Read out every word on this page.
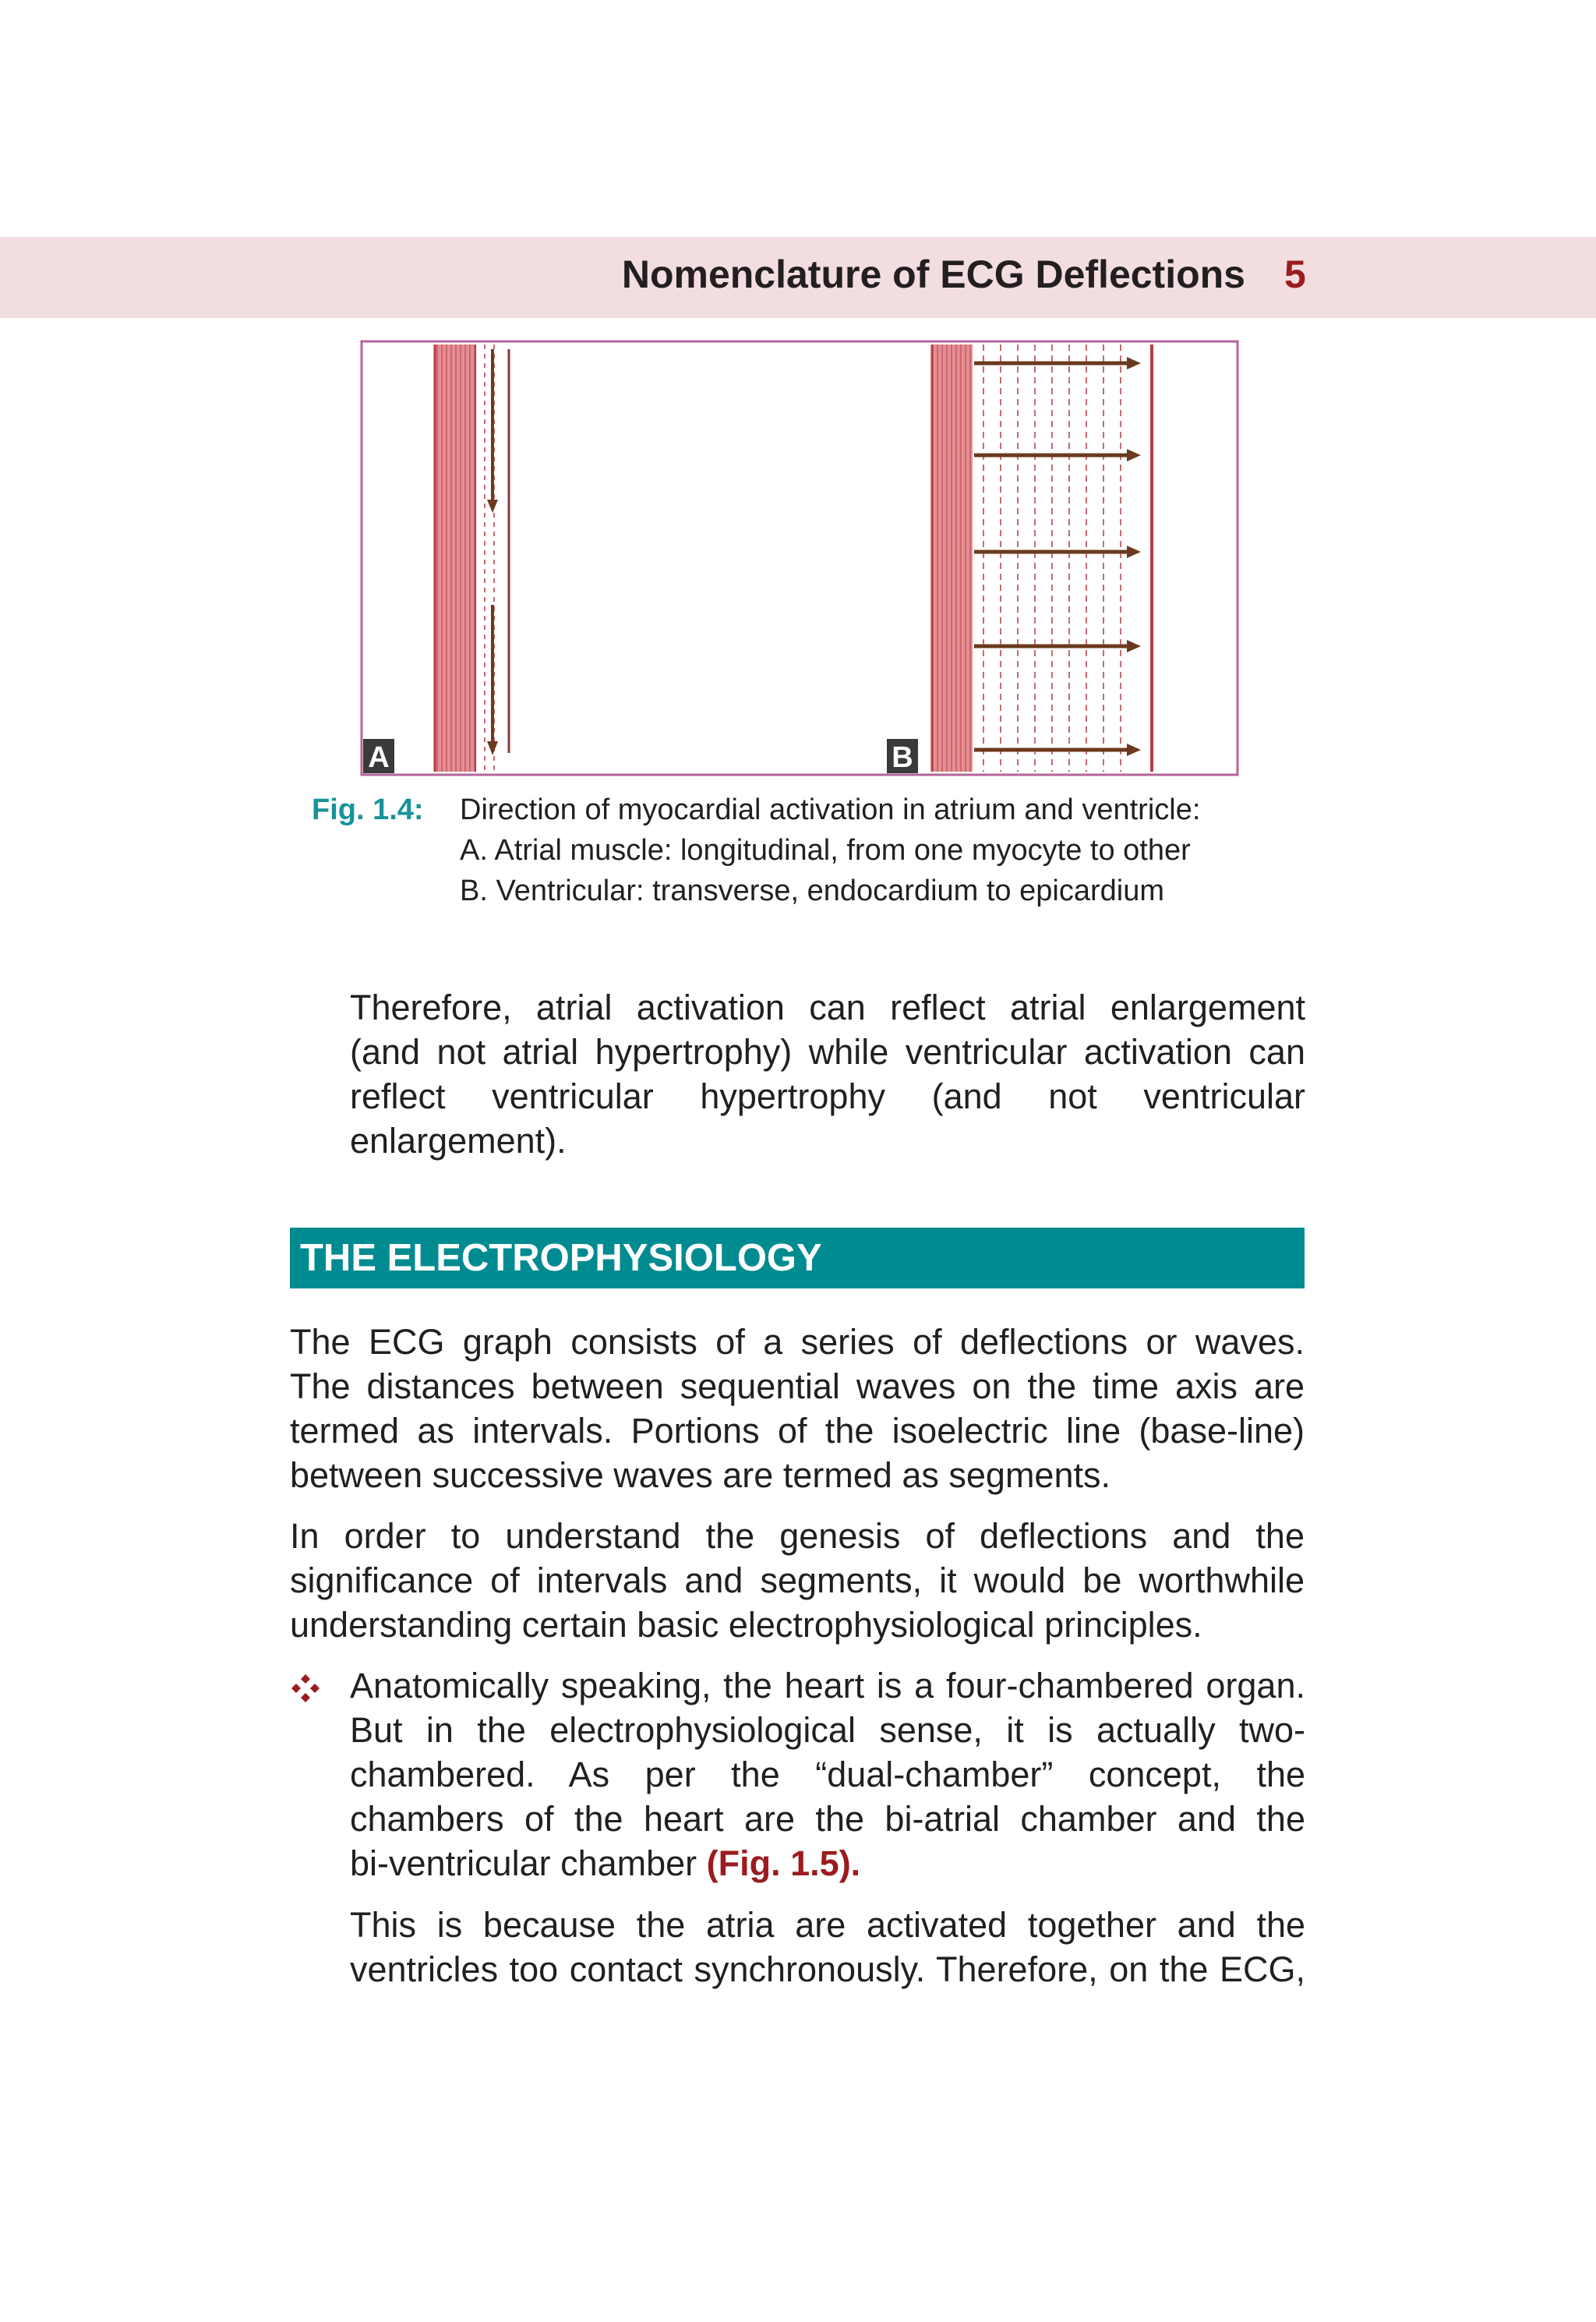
Nomenclature of ECG Deflections 5
A	B
Fig. 1.4: Direction of myocardial activation in atrium and ventricle:
A. Atrial muscle: longitudinal, from one myocyte to other
B. Ventricular: transverse, endocardium to epicardium
Therefore, atrial activation can reflect atrial enlargement
(and not atrial hypertrophy) while ventricular activation can
reflect ventricular hypertrophy (and not ventricular
enlargement).
THE ELECTROPHYSIOLOGY
The ECG graph consists of a series of deflections or waves.
The distances between sequential waves on the time axis are
termed as intervals. Portions of the isoelectric line (base-line)
between successive waves are termed as segments.
In order to understand the genesis of deflections and the
significance of intervals and segments, it would be worthwhile
understanding certain basic electrophysiological principles.
Anatomically speaking, the heart is a four-chambered organ.
But in the electrophysiological sense, it is actually two-
chambered. As per the “dual-chamber” concept, the
chambers of the heart are the bi-atrial chamber and the
bi-ventricular chamber (Fig. 1.5).
This is because the atria are activated together and the
ventricles too contact synchronously. Therefore, on the ECG,
